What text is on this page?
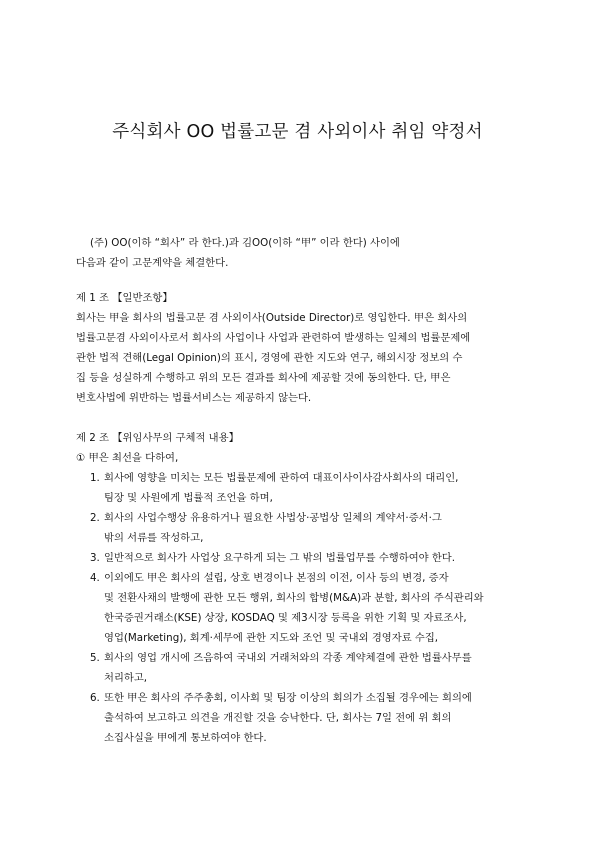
주식회사 OO 법률고문 겸 사외이사 취임 약정서
(주) OO(이하 “회사” 라 한다.)과 김OO(이하 “甲” 이라 한다) 사이에
다음과 같이 고문계약을 체결한다.
제 1 조 【일반조항】
회사는 甲을 회사의 법률고문 겸 사외이사(Outside Director)로 영입한다. 甲은 회사의
법률고문겸 사외이사로서 회사의 사업이나 사업과 관련하여 발생하는 일체의 법률문제에
관한 법적 견해(Legal Opinion)의 표시, 경영에 관한 지도와 연구, 해외시장 정보의 수
집 등을 성실하게 수행하고 위의 모든 결과를 회사에 제공할 것에 동의한다. 단, 甲은
변호사법에 위반하는 법률서비스는 제공하지 않는다.
제 2 조 【위임사무의 구체적 내용】
① 甲은 최선을 다하여,
1. 회사에 영향을 미치는 모든 법률문제에 관하여 대표이사이사감사회사의 대리인,
팀장 및 사원에게 법률적 조언을 하며,
2. 회사의 사업수행상 유용하거나 필요한 사법상·공법상 일체의 계약서·증서·그
밖의 서류를 작성하고,
3. 일반적으로 회사가 사업상 요구하게 되는 그 밖의 법률업무를 수행하여야 한다.
4. 이외에도 甲은 회사의 설립, 상호 변경이나 본점의 이전, 이사 등의 변경, 증자
및 전환사채의 발행에 관한 모든 행위, 회사의 합병(M&A)과 분할, 회사의 주식관리와
한국증권거래소(KSE) 상장, KOSDAQ 및 제3시장 등록을 위한 기획 및 자료조사,
영업(Marketing), 회계·세무에 관한 지도와 조언 및 국내외 경영자료 수집,
5. 회사의 영업 개시에 즈음하여 국내외 거래처와의 각종 계약체결에 관한 법률사무를
처리하고,
6. 또한 甲은 회사의 주주총회, 이사회 및 팀장 이상의 회의가 소집될 경우에는 회의에
출석하여 보고하고 의견을 개진할 것을 승낙한다. 단, 회사는 7일 전에 위 회의
소집사실을 甲에게 통보하여야 한다.
